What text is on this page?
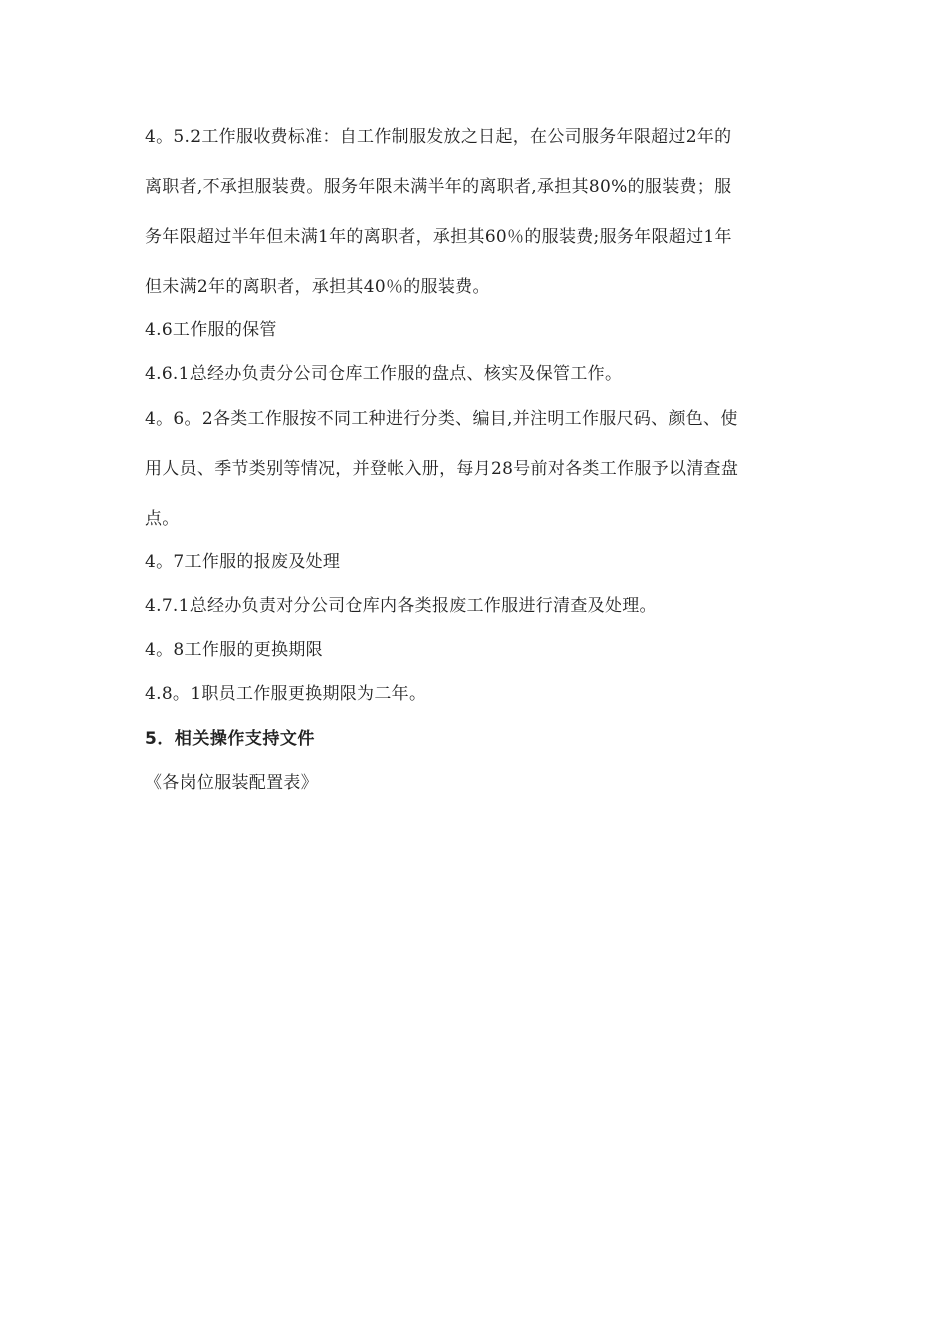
4。5.2工作服收费标准：自工作制服发放之日起，在公司服务年限超过2年的
离职者,不承担服装费。服务年限未满半年的离职者,承担其80%的服装费；服
务年限超过半年但未满1年的离职者，承担其60％的服装费;服务年限超过1年
但未满2年的离职者，承担其40％的服装费。
4.6工作服的保管
4.6.1总经办负责分公司仓库工作服的盘点、核实及保管工作。
4。6。2各类工作服按不同工种进行分类、编目,并注明工作服尺码、颜色、使
用人员、季节类别等情况，并登帐入册，每月28号前对各类工作服予以清查盘
点。
4。7工作服的报废及处理
4.7.1总经办负责对分公司仓库内各类报废工作服进行清查及处理。
4。8工作服的更换期限
4.8。1职员工作服更换期限为二年。
5．相关操作支持文件
《各岗位服装配置表》
